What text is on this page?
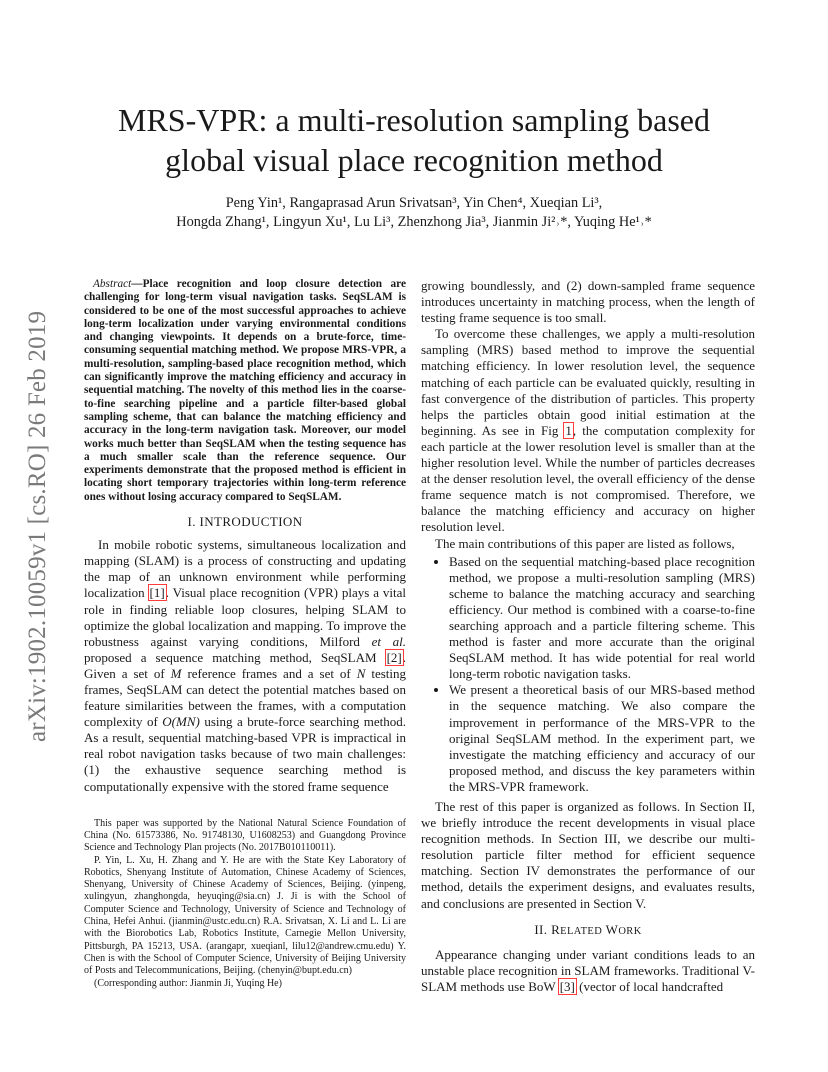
arXiv:1902.10059v1 [cs.RO] 26 Feb 2019
MRS-VPR: a multi-resolution sampling based
global visual place recognition method
Peng Yin¹, Rangaprasad Arun Srivatsan³, Yin Chen⁴, Xueqian Li³,
Hongda Zhang¹, Lingyun Xu¹, Lu Li³, Zhenzhong Jia³, Jianmin Ji²˒*, Yuqing He¹˒*

Abstract—Place recognition and loop closure detection are challenging for long-term visual navigation tasks. SeqSLAM is considered to be one of the most successful approaches to achieve long-term localization under varying environmental conditions and changing viewpoints. It depends on a brute-force, time-consuming sequential matching method. We propose MRS-VPR, a multi-resolution, sampling-based place recognition method, which can significantly improve the matching efficiency and accuracy in sequential matching. The novelty of this method lies in the coarse-to-fine searching pipeline and a particle filter-based global sampling scheme, that can balance the matching efficiency and accuracy in the long-term navigation task. Moreover, our model works much better than SeqSLAM when the testing sequence has a much smaller scale than the reference sequence. Our experiments demonstrate that the proposed method is efficient in locating short temporary trajectories within long-term reference ones without losing accuracy compared to SeqSLAM.

I. INTRODUCTION

In mobile robotic systems, simultaneous localization and mapping (SLAM) is a process of constructing and updating the map of an unknown environment while performing localization [1]. Visual place recognition (VPR) plays a vital role in finding reliable loop closures, helping SLAM to optimize the global localization and mapping. To improve the robustness against varying conditions, Milford et al. proposed a sequence matching method, SeqSLAM [2]. Given a set of M reference frames and a set of N testing frames, SeqSLAM can detect the potential matches based on feature similarities between the frames, with a computation complexity of O(MN) using a brute-force searching method. As a result, sequential matching-based VPR is impractical in real robot navigation tasks because of two main challenges: (1) the exhaustive sequence searching method is computationally expensive with the stored frame sequence

This paper was supported by the National Natural Science Foundation of China (No. 61573386, No. 91748130, U1608253) and Guangdong Province Science and Technology Plan projects (No. 2017B010110011).

P. Yin, L. Xu, H. Zhang and Y. He are with the State Key Laboratory of Robotics, Shenyang Institute of Automation, Chinese Academy of Sciences, Shenyang, University of Chinese Academy of Sciences, Beijing. (yinpeng, xulingyun, zhanghongda, heyuqing@sia.cn) J. Ji is with the School of Computer Science and Technology, University of Science and Technology of China, Hefei Anhui. (jianmin@ustc.edu.cn) R.A. Srivatsan, X. Li and L. Li are with the Biorobotics Lab, Robotics Institute, Carnegie Mellon University, Pittsburgh, PA 15213, USA. (arangapr, xueqianl, lilu12@andrew.cmu.edu) Y. Chen is with the School of Computer Science, University of Beijing University of Posts and Telecommunications, Beijing. (chenyin@bupt.edu.cn)

(Corresponding author: Jianmin Ji, Yuqing He)

growing boundlessly, and (2) down-sampled frame sequence introduces uncertainty in matching process, when the length of testing frame sequence is too small.

To overcome these challenges, we apply a multi-resolution sampling (MRS) based method to improve the sequential matching efficiency. In lower resolution level, the sequence matching of each particle can be evaluated quickly, resulting in fast convergence of the distribution of particles. This property helps the particles obtain good initial estimation at the beginning. As see in Fig 1, the computation complexity for each particle at the lower resolution level is smaller than at the higher resolution level. While the number of particles decreases at the denser resolution level, the overall efficiency of the dense frame sequence match is not compromised. Therefore, we balance the matching efficiency and accuracy on higher resolution level.

The main contributions of this paper are listed as follows,

• Based on the sequential matching-based place recognition method, we propose a multi-resolution sampling (MRS) scheme to balance the matching accuracy and searching efficiency. Our method is combined with a coarse-to-fine searching approach and a particle filtering scheme. This method is faster and more accurate than the original SeqSLAM method. It has wide potential for real world long-term robotic navigation tasks.
• We present a theoretical basis of our MRS-based method in the sequence matching. We also compare the improvement in performance of the MRS-VPR to the original SeqSLAM method. In the experiment part, we investigate the matching efficiency and accuracy of our proposed method, and discuss the key parameters within the MRS-VPR framework.

The rest of this paper is organized as follows. In Section II, we briefly introduce the recent developments in visual place recognition methods. In Section III, we describe our multi-resolution particle filter method for efficient sequence matching. Section IV demonstrates the performance of our method, details the experiment designs, and evaluates results, and conclusions are presented in Section V.

II. RELATED WORK

Appearance changing under variant conditions leads to an unstable place recognition in SLAM frameworks. Traditional V-SLAM methods use BoW [3] (vector of local handcrafted
